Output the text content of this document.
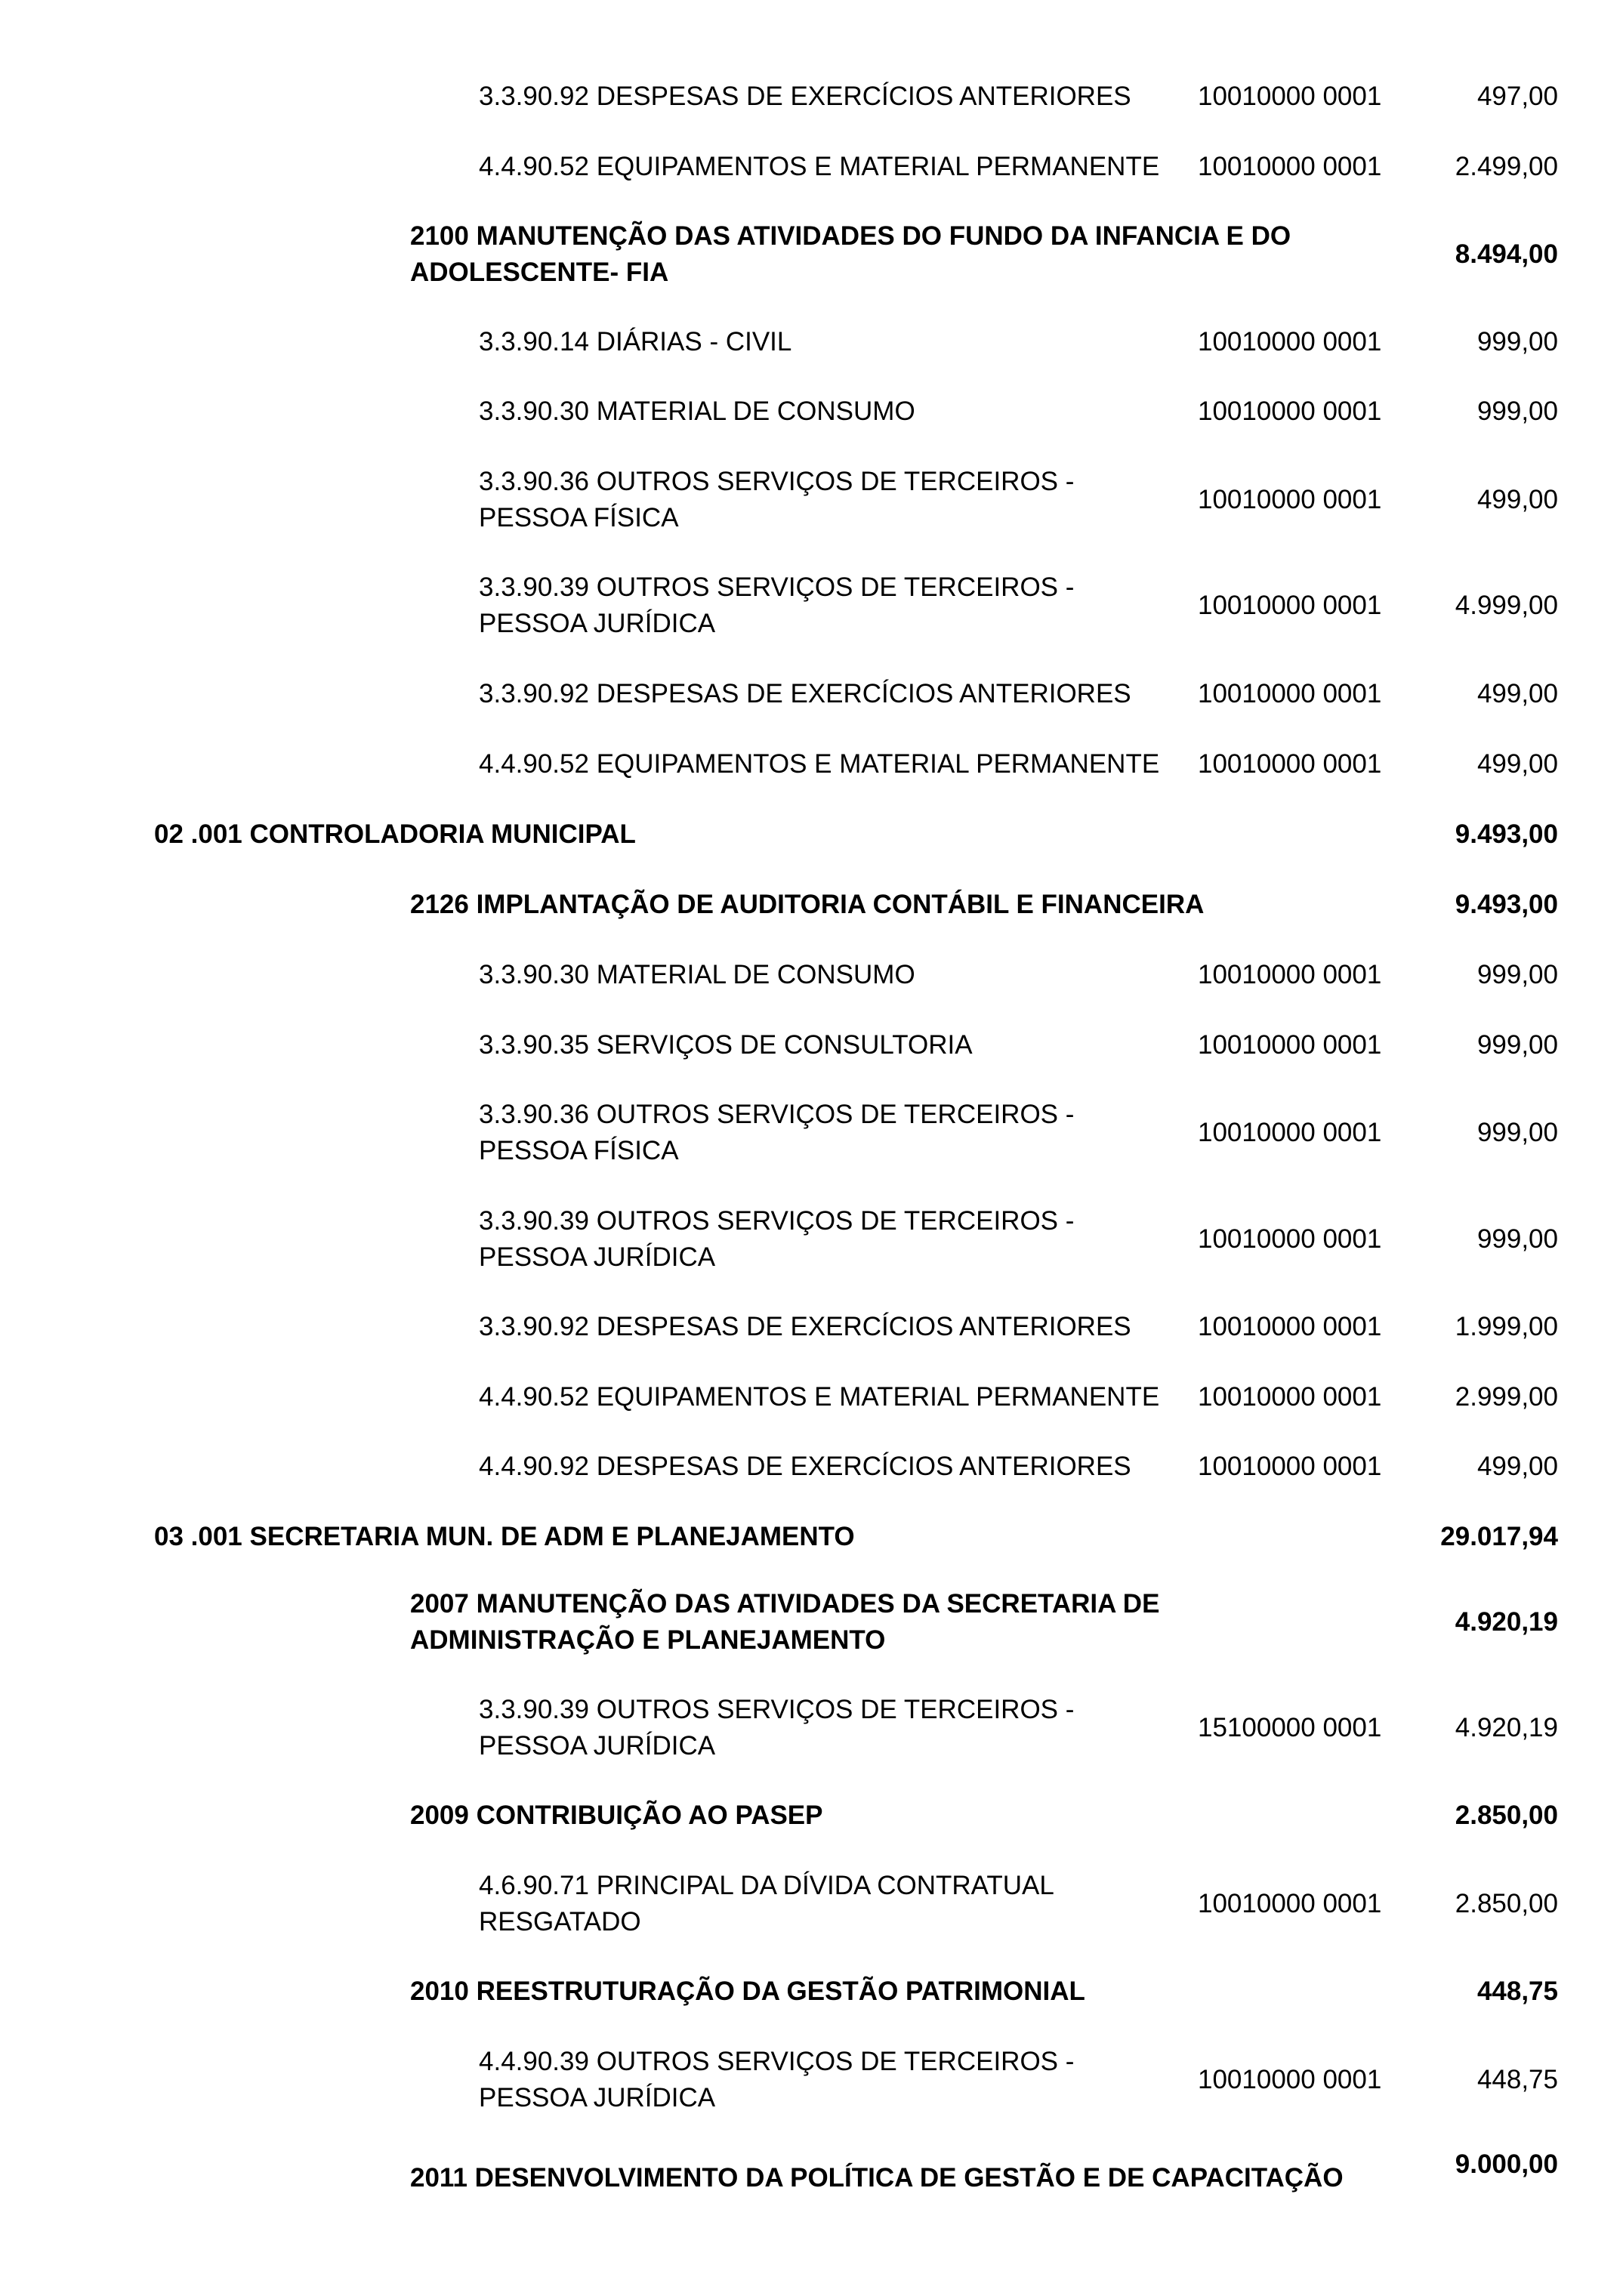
3.3.90.92 DESPESAS DE EXERCÍCIOS ANTERIORES	10010000 0001	497,00
4.4.90.52 EQUIPAMENTOS E MATERIAL PERMANENTE 10010000 0001	2.499,00
2100 MANUTENÇÃO DAS ATIVIDADES DO FUNDO DA INFANCIA E DO
ADOLESCENTE- FIA
8.494,00
3.3.90.14 DIÁRIAS - CIVIL	10010000 0001	999,00
3.3.90.30 MATERIAL DE CONSUMO	10010000 0001	999,00
3.3.90.36 OUTROS SERVIÇOS DE TERCEIROS -
PESSOA FÍSICA
10010000 0001	499,00
3.3.90.39 OUTROS SERVIÇOS DE TERCEIROS -
PESSOA JURÍDICA
10010000 0001	4.999,00
3.3.90.92 DESPESAS DE EXERCÍCIOS ANTERIORES	10010000 0001	499,00
4.4.90.52 EQUIPAMENTOS E MATERIAL PERMANENTE 10010000 0001	499,00
02 .001 CONTROLADORIA MUNICIPAL	9.493,00
2126 IMPLANTAÇÃO DE AUDITORIA CONTÁBIL E FINANCEIRA	9.493,00
3.3.90.30 MATERIAL DE CONSUMO	10010000 0001	999,00
3.3.90.35 SERVIÇOS DE CONSULTORIA	10010000 0001	999,00
3.3.90.36 OUTROS SERVIÇOS DE TERCEIROS -
PESSOA FÍSICA
10010000 0001	999,00
3.3.90.39 OUTROS SERVIÇOS DE TERCEIROS -
PESSOA JURÍDICA
10010000 0001	999,00
3.3.90.92 DESPESAS DE EXERCÍCIOS ANTERIORES	10010000 0001	1.999,00
4.4.90.52 EQUIPAMENTOS E MATERIAL PERMANENTE 10010000 0001	2.999,00
4.4.90.92 DESPESAS DE EXERCÍCIOS ANTERIORES	10010000 0001	499,00
03 .001 SECRETARIA MUN. DE ADM E PLANEJAMENTO	29.017,94
2007 MANUTENÇÃO DAS ATIVIDADES DA SECRETARIA DE
ADMINISTRAÇÃO E PLANEJAMENTO
4.920,19
3.3.90.39 OUTROS SERVIÇOS DE TERCEIROS -
PESSOA JURÍDICA
15100000 0001	4.920,19
2009 CONTRIBUIÇÃO AO PASEP	2.850,00
4.6.90.71 PRINCIPAL DA DÍVIDA CONTRATUAL
RESGATADO
10010000 0001	2.850,00
2010 REESTRUTURAÇÃO DA GESTÃO PATRIMONIAL	448,75
4.4.90.39 OUTROS SERVIÇOS DE TERCEIROS -
PESSOA JURÍDICA
10010000 0001	448,75
2011 DESENVOLVIMENTO DA POLÍTICA DE GESTÃO E DE CAPACITAÇÃO	9.000,00
